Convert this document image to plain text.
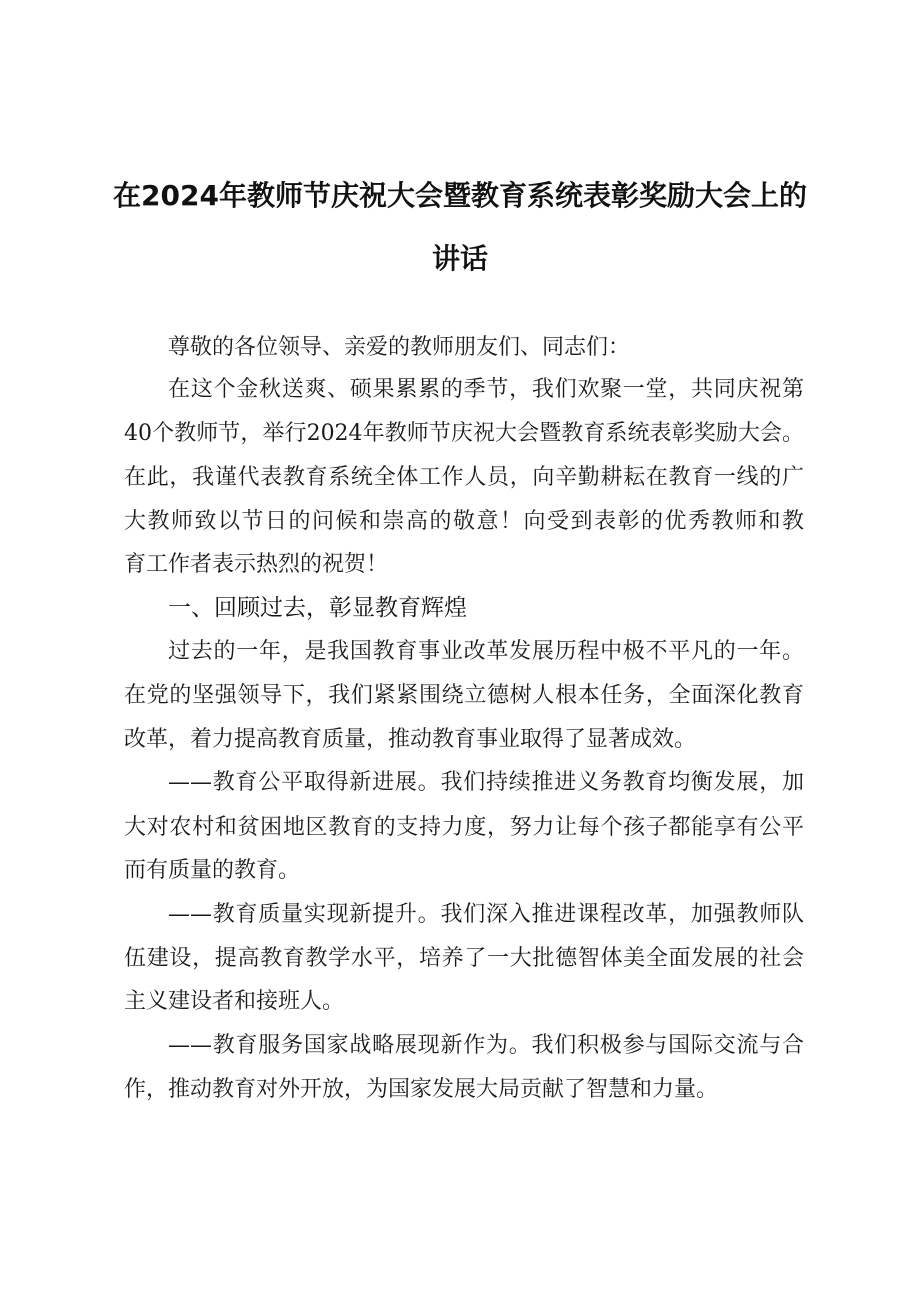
在2024年教师节庆祝大会暨教育系统表彰奖励大会上的
讲话
尊敬的各位领导、亲爱的教师朋友们、同志们：
在这个金秋送爽、硕果累累的季节，我们欢聚一堂，共同庆祝第
40个教师节，举行2024年教师节庆祝大会暨教育系统表彰奖励大会。
在此，我谨代表教育系统全体工作人员，向辛勤耕耘在教育一线的广
大教师致以节日的问候和崇高的敬意！向受到表彰的优秀教师和教
育工作者表示热烈的祝贺！
一、回顾过去，彰显教育辉煌
过去的一年，是我国教育事业改革发展历程中极不平凡的一年。
在党的坚强领导下，我们紧紧围绕立德树人根本任务，全面深化教育
改革，着力提高教育质量，推动教育事业取得了显著成效。
——教育公平取得新进展。我们持续推进义务教育均衡发展，加
大对农村和贫困地区教育的支持力度，努力让每个孩子都能享有公平
而有质量的教育。
——教育质量实现新提升。我们深入推进课程改革，加强教师队
伍建设，提高教育教学水平，培养了一大批德智体美全面发展的社会
主义建设者和接班人。
——教育服务国家战略展现新作为。我们积极参与国际交流与合
作，推动教育对外开放，为国家发展大局贡献了智慧和力量。
